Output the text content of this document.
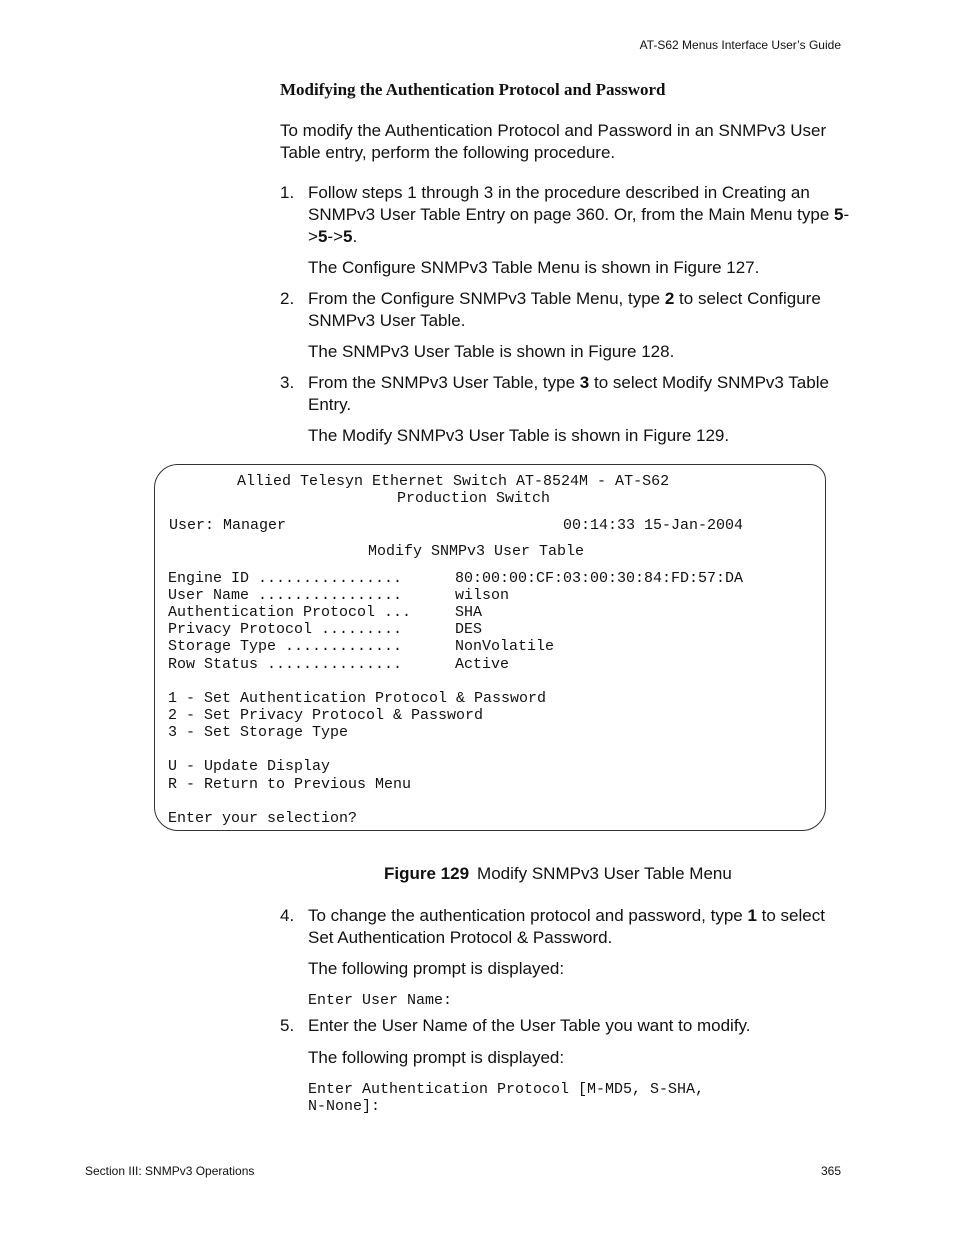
AT-S62 Menus Interface User’s Guide
Modifying the Authentication Protocol and Password
To modify the Authentication Protocol and Password in an SNMPv3 User Table entry, perform the following procedure.
1. Follow steps 1 through 3 in the procedure described in Creating an SNMPv3 User Table Entry on page 360. Or, from the Main Menu type 5->5->5.
The Configure SNMPv3 Table Menu is shown in Figure 127.
2. From the Configure SNMPv3 Table Menu, type 2 to select Configure SNMPv3 User Table.
The SNMPv3 User Table is shown in Figure 128.
3. From the SNMPv3 User Table, type 3 to select Modify SNMPv3 Table Entry.
The Modify SNMPv3 User Table is shown in Figure 129.
Allied Telesyn Ethernet Switch AT-8524M - AT-S62
Production Switch
User: Manager	00:14:33 15-Jan-2004
Modify SNMPv3 User Table
Engine ID ................	80:00:00:CF:03:00:30:84:FD:57:DA
User Name ................	wilson
Authentication Protocol ...	SHA
Privacy Protocol .........	DES
Storage Type .............	NonVolatile
Row Status ...............	Active
1 - Set Authentication Protocol & Password
2 - Set Privacy Protocol & Password
3 - Set Storage Type
U - Update Display
R - Return to Previous Menu
Enter your selection?
Figure 129 Modify SNMPv3 User Table Menu
4. To change the authentication protocol and password, type 1 to select Set Authentication Protocol & Password.
The following prompt is displayed:
Enter User Name:
5. Enter the User Name of the User Table you want to modify.
The following prompt is displayed:
Enter Authentication Protocol [M-MD5, S-SHA,
N-None]:
Section III: SNMPv3 Operations	365
